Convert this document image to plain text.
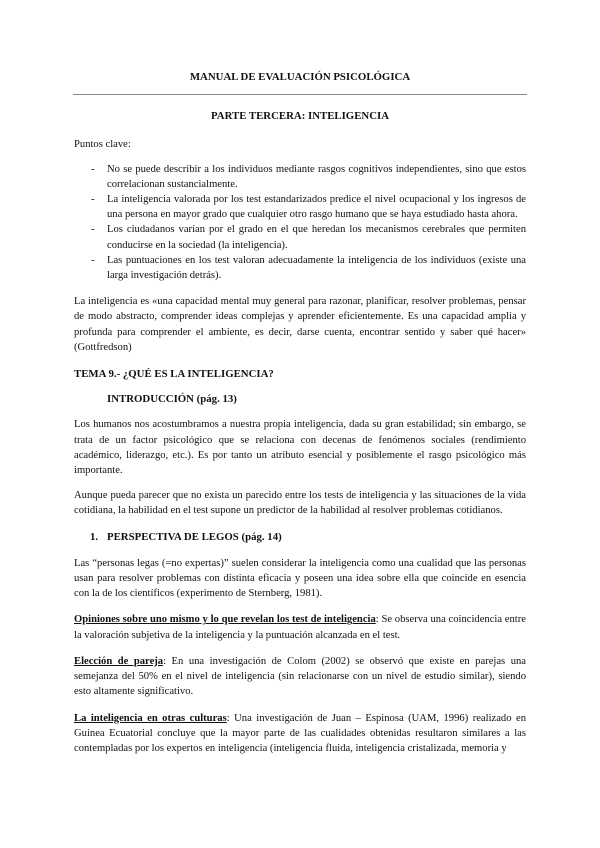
MANUAL DE EVALUACIÓN PSICOLÓGICA
PARTE TERCERA: INTELIGENCIA

Puntos clave:

- No se puede describir a los individuos mediante rasgos cognitivos independientes, sino que estos correlacionan sustancialmente.
- La inteligencia valorada por los test estandarizados predice el nivel ocupacional y los ingresos de una persona en mayor grado que cualquier otro rasgo humano que se haya estudiado hasta ahora.
- Los ciudadanos varían por el grado en el que heredan los mecanismos cerebrales que permiten conducirse en la sociedad (la inteligencia).
- Las puntuaciones en los test valoran adecuadamente la inteligencia de los individuos (existe una larga investigación detrás).

La inteligencia es «una capacidad mental muy general para razonar, planificar, resolver problemas, pensar de modo abstracto, comprender ideas complejas y aprender eficientemente. Es una capacidad amplia y profunda para comprender el ambiente, es decir, darse cuenta, encontrar sentido y saber qué hacer» (Gottfredson)

TEMA 9.- ¿QUÉ ES LA INTELIGENCIA?
INTRODUCCIÓN (pág. 13)

Los humanos nos acostumbramos a nuestra propia inteligencia, dada su gran estabilidad; sin embargo, se trata de un factor psicológico que se relaciona con decenas de fenómenos sociales (rendimiento académico, liderazgo, etc.). Es por tanto un atributo esencial y posiblemente el rasgo psicológico más importante.

Aunque pueda parecer que no exista un parecido entre los tests de inteligencia y las situaciones de la vida cotidiana, la habilidad en el test supone un predictor de la habilidad al resolver problemas cotidianos.

1. PERSPECTIVA DE LEGOS (pág. 14)

Las “personas legas (=no expertas)” suelen considerar la inteligencia como una cualidad que las personas usan para resolver problemas con distinta eficacia y poseen una idea sobre ella que coincide en esencia con la de los científicos (experimento de Sternberg, 1981).

Opiniones sobre uno mismo y lo que revelan los test de inteligencia: Se observa una coincidencia entre la valoración subjetiva de la inteligencia y la puntuación alcanzada en el test.

Elección de pareja: En una investigación de Colom (2002) se observó que existe en parejas una semejanza del 50% en el nivel de inteligencia (sin relacionarse con un nivel de estudio similar), siendo esto altamente significativo.

La inteligencia en otras culturas: Una investigación de Juan – Espinosa (UAM, 1996) realizado en Guinea Ecuatorial concluye que la mayor parte de las cualidades obtenidas resultaron similares a las contempladas por los expertos en inteligencia (inteligencia fluida, inteligencia cristalizada, memoria y
